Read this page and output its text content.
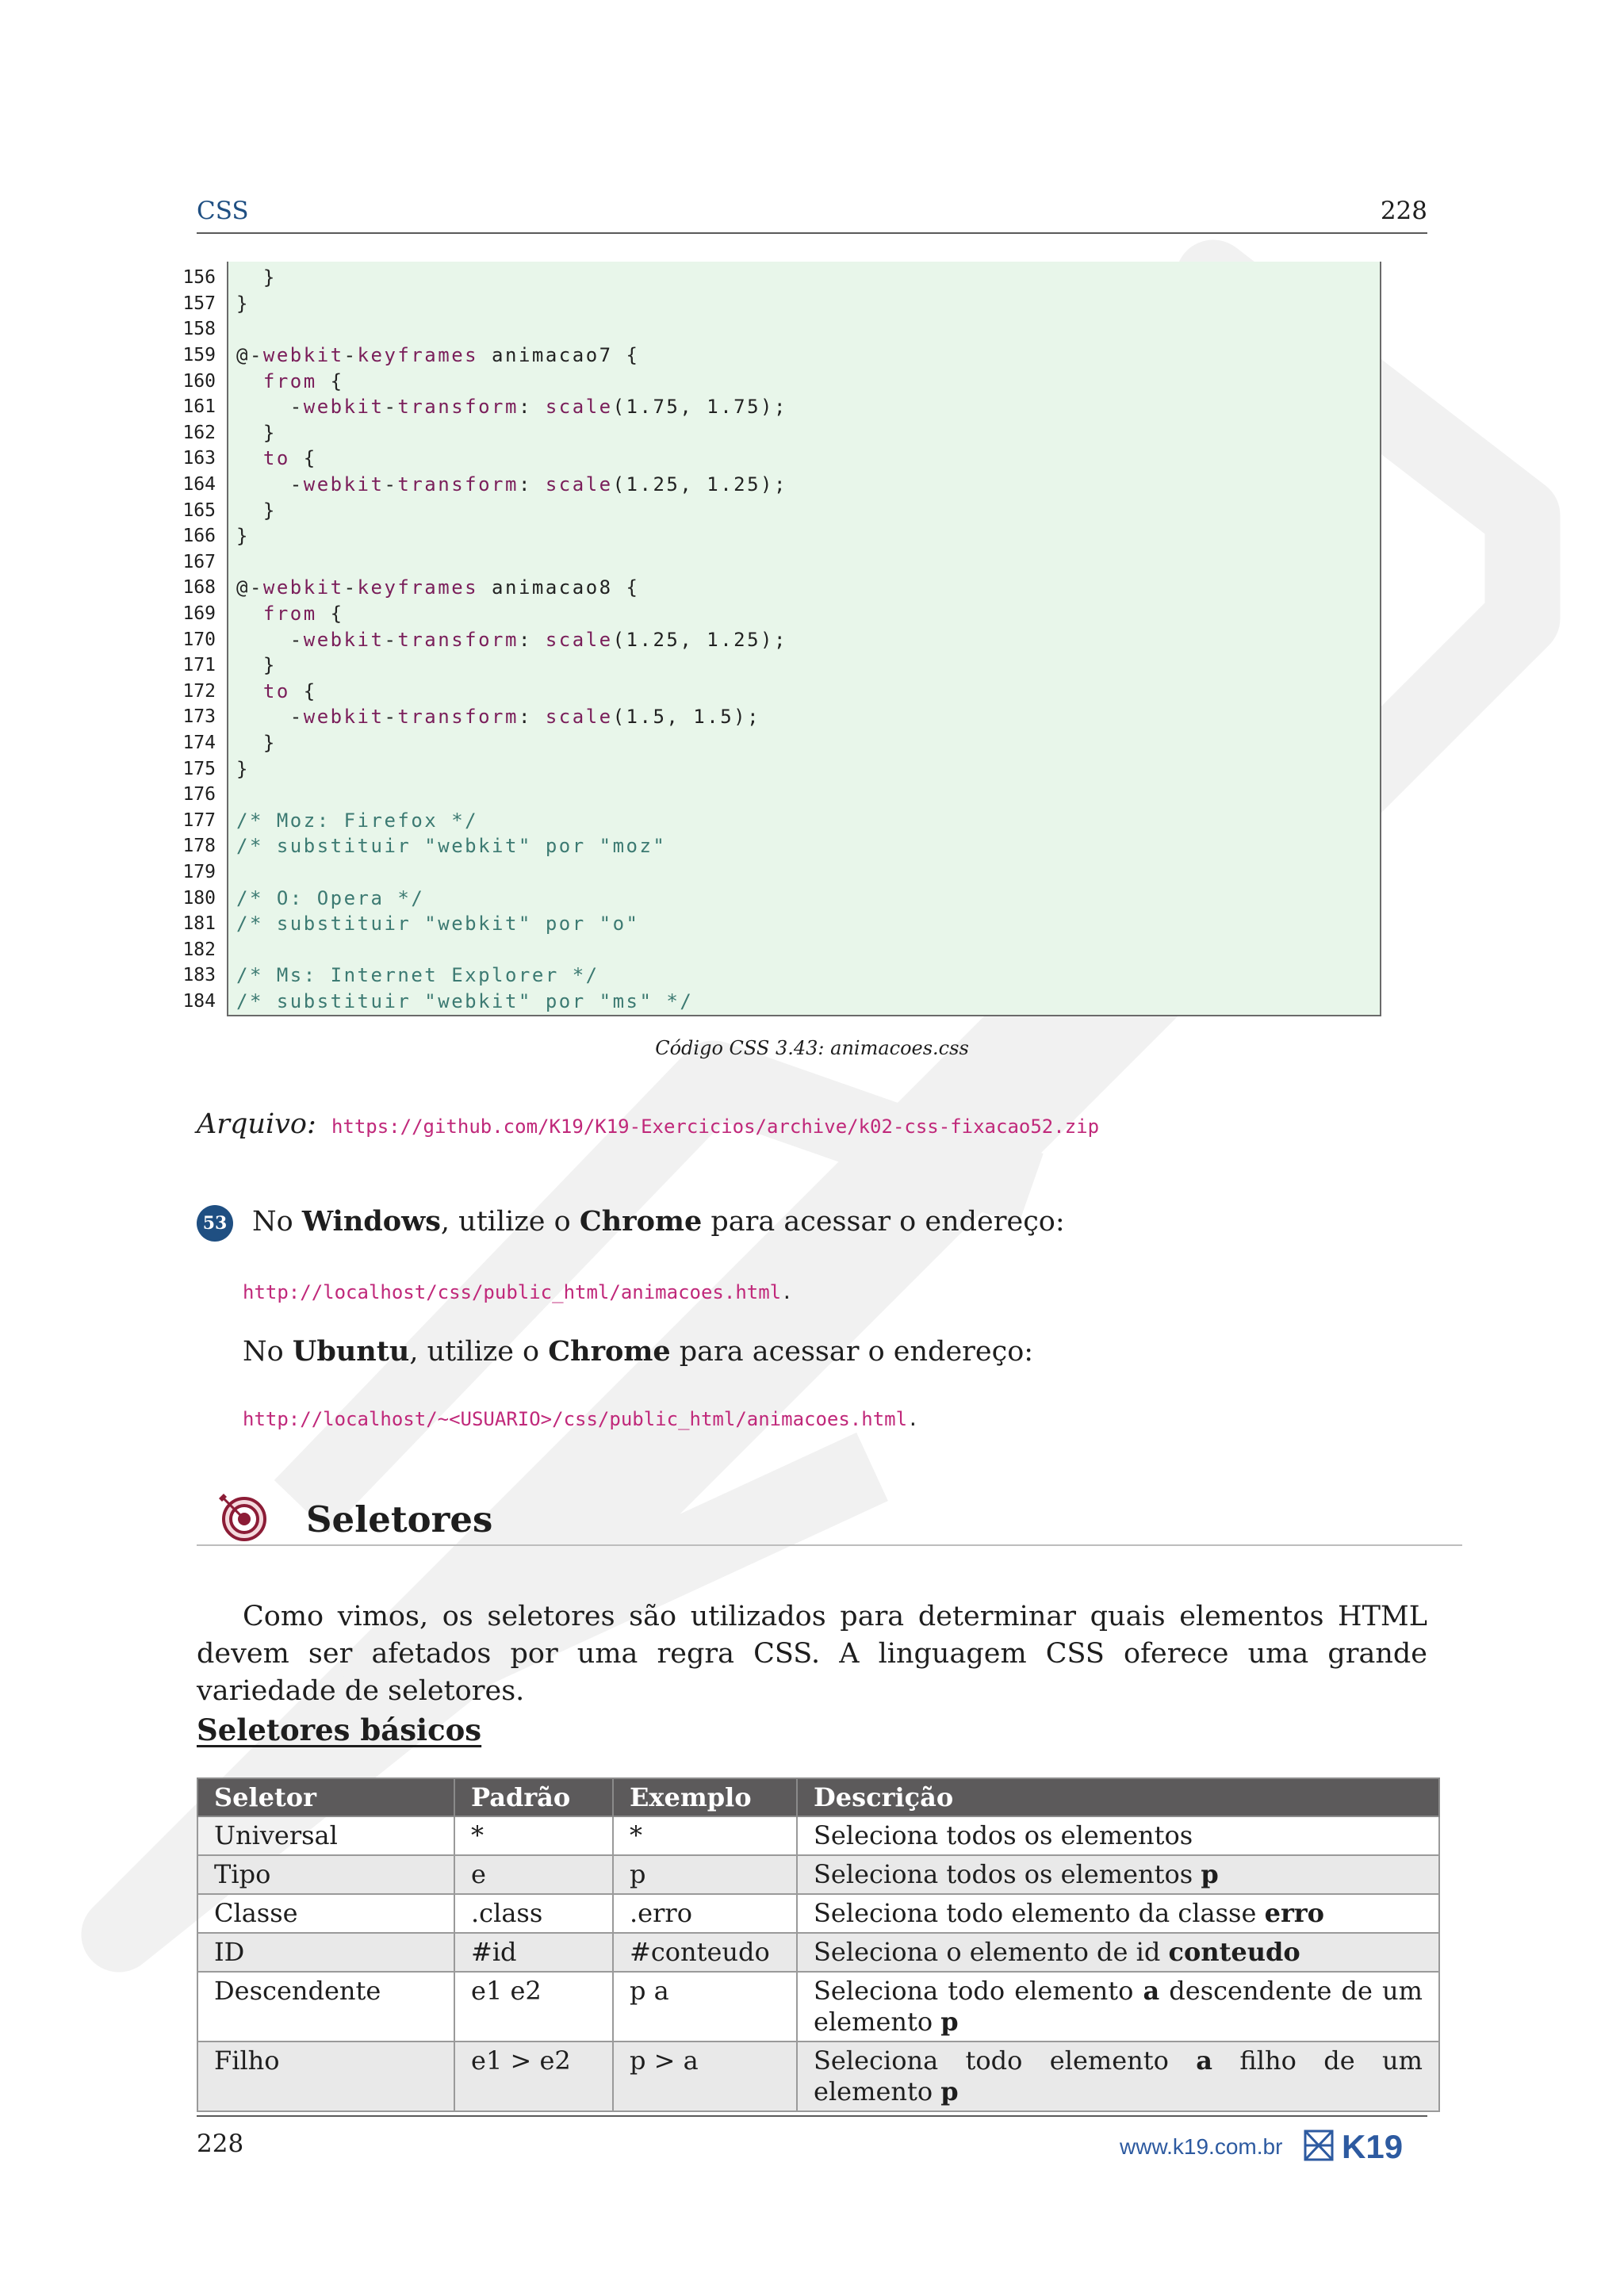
CSS	228
156 }
157 }
158
159 @-webkit-keyframes animacao7 {
160	from {
161 -webkit-transform: scale(1.75, 1.75);
162 }
163	to {
164 -webkit-transform: scale(1.25, 1.25);
165 }
166 }
167
168 @-webkit-keyframes animacao8 {
169	from {
170 -webkit-transform: scale(1.25, 1.25);
171 }
172	to {
173 -webkit-transform: scale(1.5, 1.5);
174 }
175 }
176
177 /* Moz: Firefox */
178 /* substituir "webkit" por "moz"
179
180 /* O: Opera */
181 /* substituir "webkit" por "o"
182
183 /* Ms: Internet Explorer */
184 /* substituir "webkit" por "ms" */
Código CSS 3.43: animacoes.css
Arquivo: https://github.com/K19/K19-Exercicios/archive/k02-css-fixacao52.zip
53 No Windows, utilize o Chrome para acessar o endereço:
http://localhost/css/public_html/animacoes.html.
No Ubuntu, utilize o Chrome para acessar o endereço:
http://localhost/~<USUARIO>/css/public_html/animacoes.html.
Seletores
Como vimos, os seletores são utilizados para determinar quais elementos HTML devem ser afetados por uma regra CSS. A linguagem CSS oferece uma grande variedade de seletores.
Seletores básicos
Seletor	Padrão	Exemplo	Descrição
Universal	*	*	Seleciona todos os elementos
Tipo	e	p	Seleciona todos os elementos p
Classe	.class	.erro	Seleciona todo elemento da classe erro
ID	#id	#conteudo	Seleciona o elemento de id conteudo
Descendente	e1 e2	p a	Seleciona todo elemento a descendente de um elemento p
Filho	e1 > e2	p > a	Seleciona todo elemento a filho de um elemento p
228	www.k19.com.br K19
